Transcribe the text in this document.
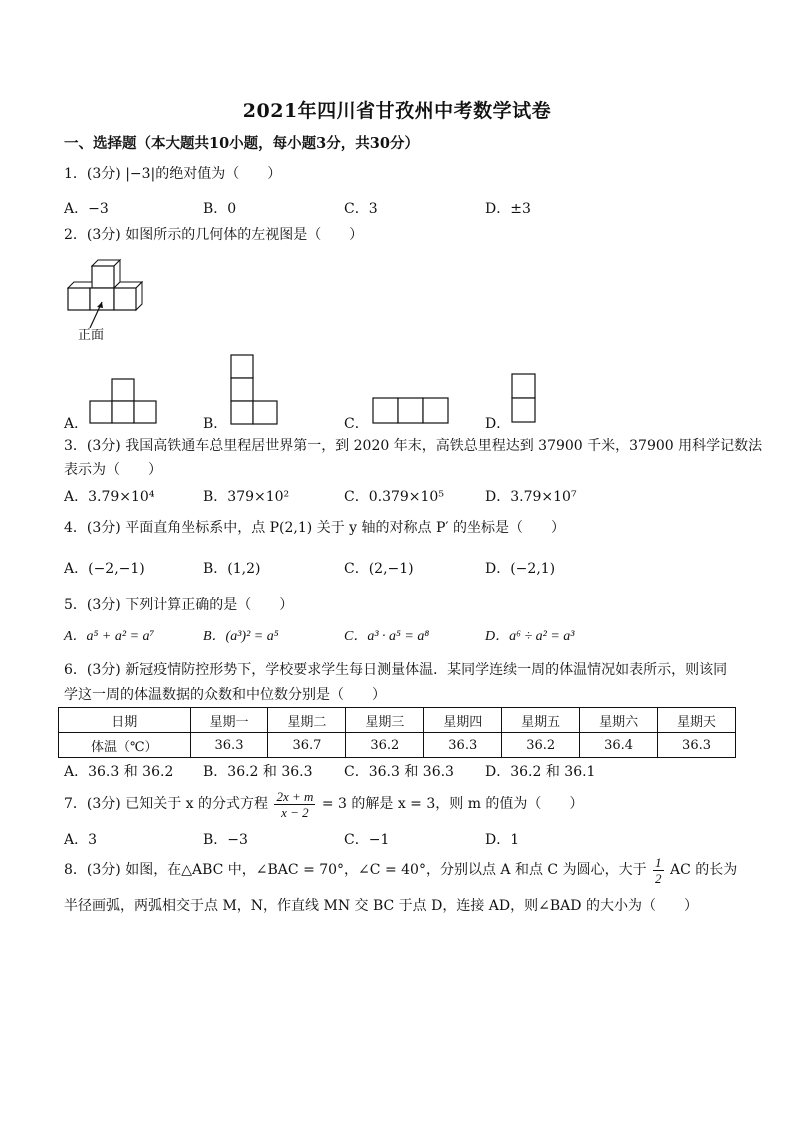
2021年四川省甘孜州中考数学试卷
一、选择题（本大题共10小题，每小题3分，共30分）
1．(3分) |−3|的绝对值为（　　）
A．−3	B．0	C．3	D．±3
2．(3分) 如图所示的几何体的左视图是（　　）
正面
A．	B．	C．	D．
3．(3分) 我国高铁通车总里程居世界第一，到 2020 年末，高铁总里程达到 37900 千米，37900 用科学记数法
表示为（　　）
A．3.79×10⁴	B．379×10²	C．0.379×10⁵	D．3.79×10⁷
4．(3分) 平面直角坐标系中，点 P(2,1) 关于 y 轴的对称点 P′ 的坐标是（　　）
A．(−2,−1)	B．(1,2)	C．(2,−1)	D．(−2,1)
5．(3分) 下列计算正确的是（　　）
A．a⁵ + a² = a⁷	B．(a³)² = a⁵	C．a³ · a⁵ = a⁸	D．a⁶ ÷ a² = a³
6．(3分) 新冠疫情防控形势下，学校要求学生每日测量体温．某同学连续一周的体温情况如表所示，则该同
学这一周的体温数据的众数和中位数分别是（　　）
日期	星期一	星期二	星期三	星期四	星期五	星期六	星期天
体温（℃）	36.3	36.7	36.2	36.3	36.2	36.4	36.3
A．36.3 和 36.2 B．36.2 和 36.3 C．36.3 和 36.3 D．36.2 和 36.1
7．(3分) 已知关于 x 的分式方程 $\frac{2x + m}{x - 2} = 3$ 的解是 x = 3，则 m 的值为（　　）
A．3	B．−3	C．−1	D．1
8．(3分) 如图，在△ABC 中，∠BAC = 70°，∠C = 40°，分别以点 A 和点 C 为圆心，大于 $\frac{1}{2}$ AC 的长为
半径画弧，两弧相交于点 M，N，作直线 MN 交 BC 于点 D，连接 AD，则∠BAD 的大小为（　　）
